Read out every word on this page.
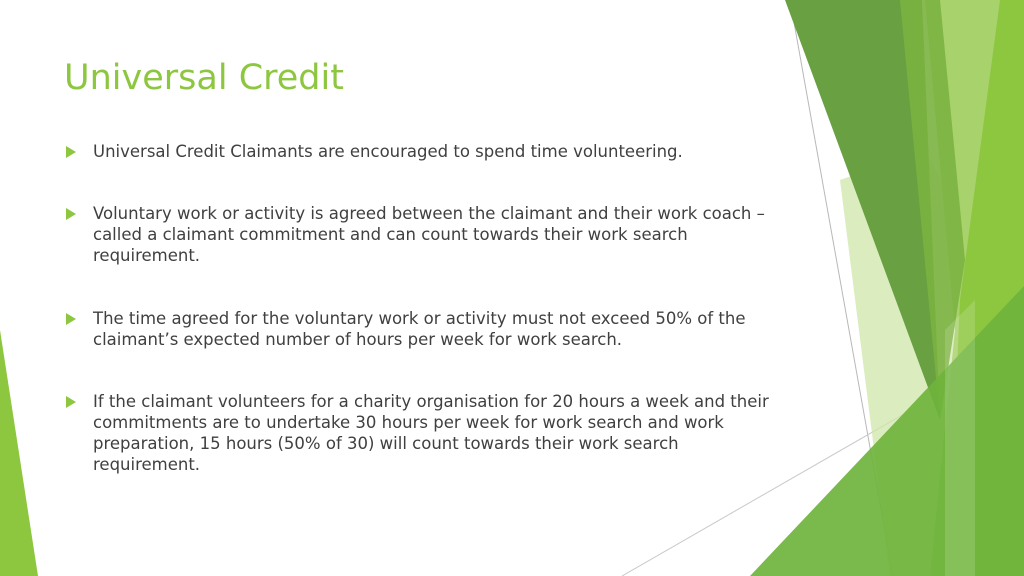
Universal Credit
Universal Credit Claimants are encouraged to spend time volunteering.
Voluntary work or activity is agreed between the claimant and their work coach – called a claimant commitment and can count towards their work search requirement.
The time agreed for the voluntary work or activity must not exceed 50% of the claimant’s expected number of hours per week for work search.
If the claimant volunteers for a charity organisation for 20 hours a week and their commitments are to undertake 30 hours per week for work search and work preparation, 15 hours (50% of 30) will count towards their work search requirement.
